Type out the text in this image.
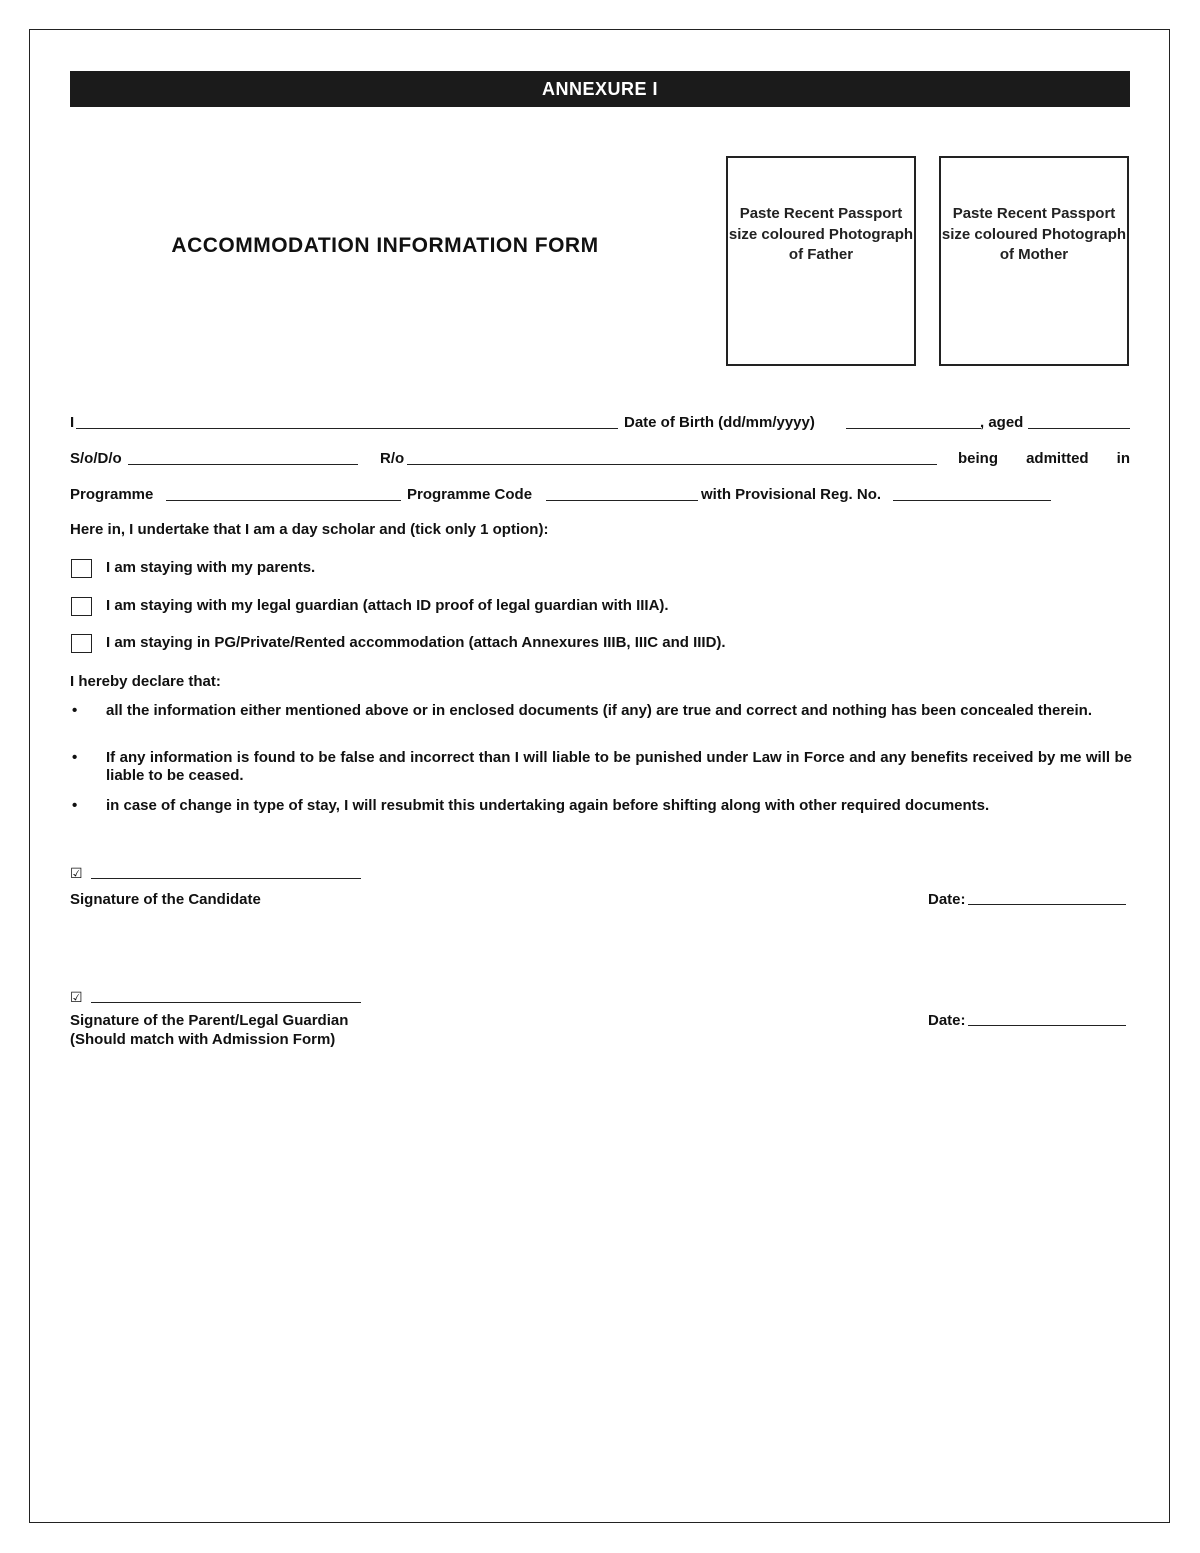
ANNEXURE I
ACCOMMODATION INFORMATION FORM
Paste Recent Passport size coloured Photograph of Father
Paste Recent Passport size coloured Photograph of Mother
I	Date of Birth (dd/mm/yyyy)	, aged
S/o/D/o	R/o	being admitted in
Programme	Programme Code	with Provisional Reg. No.
Here in, I undertake that I am a day scholar and (tick only 1 option):
I am staying with my parents.
I am staying with my legal guardian (attach ID proof of legal guardian with IIIA).
I am staying in PG/Private/Rented accommodation (attach Annexures IIIB, IIIC and IIID).
I hereby declare that:
• all the information either mentioned above or in enclosed documents (if any) are true and correct and nothing has been concealed therein.
• If any information is found to be false and incorrect than I will liable to be punished under Law in Force and any benefits received by me will be liable to be ceased.
• in case of change in type of stay, I will resubmit this undertaking again before shifting along with other required documents.
☑
Signature of the Candidate	Date:
☑
Signature of the Parent/Legal Guardian
(Should match with Admission Form)
Date:
